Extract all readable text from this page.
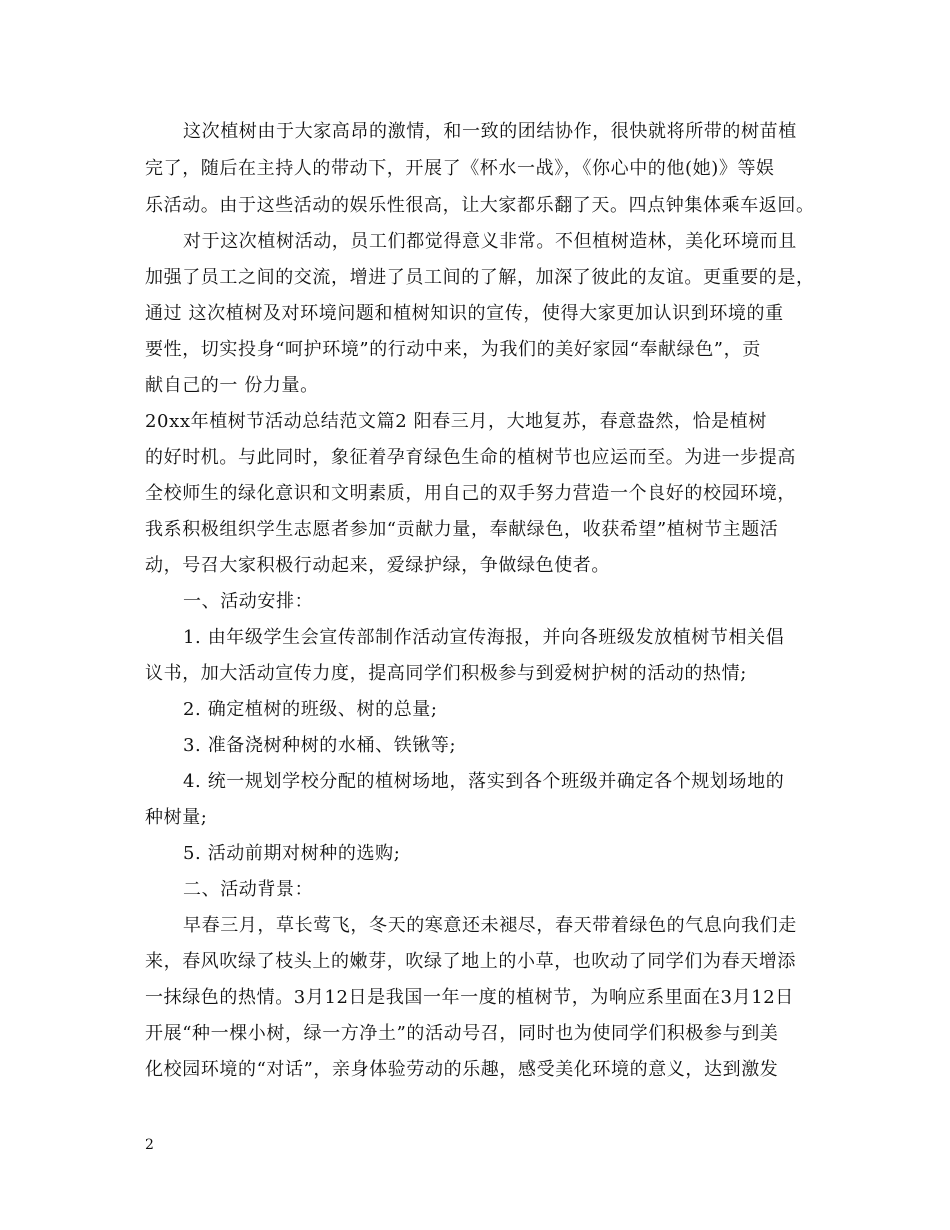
这次植树由于大家高昂的激情，和一致的团结协作，很快就将所带的树苗植
完了，随后在主持人的带动下，开展了《杯水一战》，《你心中的他(她)》等娱
乐活动。由于这些活动的娱乐性很高，让大家都乐翻了天。四点钟集体乘车返回。
对于这次植树活动，员工们都觉得意义非常。不但植树造林，美化环境而且
加强了员工之间的交流，增进了员工间的了解，加深了彼此的友谊。更重要的是，
通过 这次植树及对环境问题和植树知识的宣传，使得大家更加认识到环境的重
要性，切实投身“呵护环境”的行动中来，为我们的美好家园“奉献绿色”，贡
献自己的一 份力量。
20xx年植树节活动总结范文篇2 阳春三月，大地复苏，春意盎然，恰是植树
的好时机。与此同时，象征着孕育绿色生命的植树节也应运而至。为进一步提高
全校师生的绿化意识和文明素质，用自己的双手努力营造一个良好的校园环境，
我系积极组织学生志愿者参加“贡献力量，奉献绿色，收获希望”植树节主题活
动，号召大家积极行动起来，爱绿护绿，争做绿色使者。
一、活动安排：
1. 由年级学生会宣传部制作活动宣传海报，并向各班级发放植树节相关倡
议书，加大活动宣传力度，提高同学们积极参与到爱树护树的活动的热情;
2. 确定植树的班级、树的总量;
3. 准备浇树种树的水桶、铁锹等;
4. 统一规划学校分配的植树场地，落实到各个班级并确定各个规划场地的
种树量;
5. 活动前期对树种的选购;
二、活动背景：
早春三月，草长莺飞，冬天的寒意还未褪尽，春天带着绿色的气息向我们走
来，春风吹绿了枝头上的嫩芽，吹绿了地上的小草，也吹动了同学们为春天增添
一抹绿色的热情。3月12日是我国一年一度的植树节，为响应系里面在3月12日
开展“种一棵小树，绿一方净土”的活动号召，同时也为使同学们积极参与到美
化校园环境的“对话”，亲身体验劳动的乐趣，感受美化环境的意义，达到激发
2
